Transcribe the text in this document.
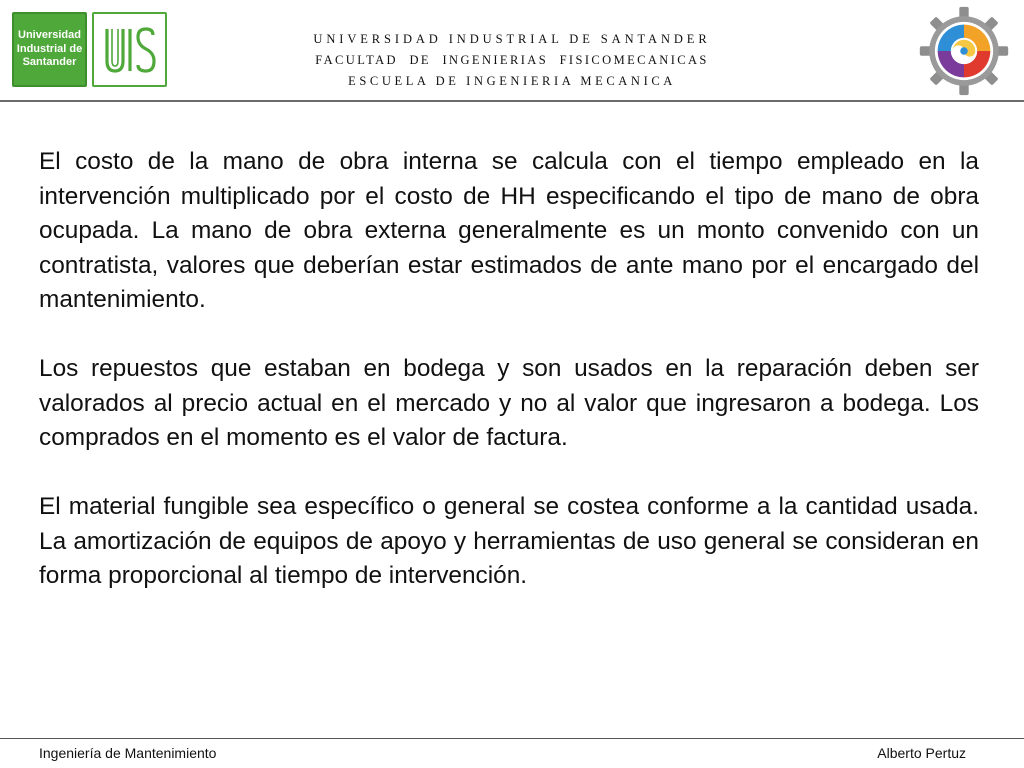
Universidad
Industrial de
Santander
UNIVERSIDAD INDUSTRIAL DE SANTANDER
FACULTAD DE INGENIERIAS FISICOMECANICAS
ESCUELA DE INGENIERIA MECANICA

El costo de la mano de obra interna se calcula con el tiempo empleado en la intervención multiplicado por el costo de HH especificando el tipo de mano de obra ocupada. La mano de obra externa generalmente es un monto convenido con un contratista, valores que deberían estar estimados de ante mano por el encargado del mantenimiento.

Los repuestos que estaban en bodega y son usados en la reparación deben ser valorados al precio actual en el mercado y no al valor que ingresaron a bodega. Los comprados en el momento es el valor de factura.

El material fungible sea específico o general se costea conforme a la cantidad usada. La amortización de equipos de apoyo y herramientas de uso general se consideran en forma proporcional al tiempo de intervención.

Ingeniería de Mantenimiento	Alberto Pertuz
